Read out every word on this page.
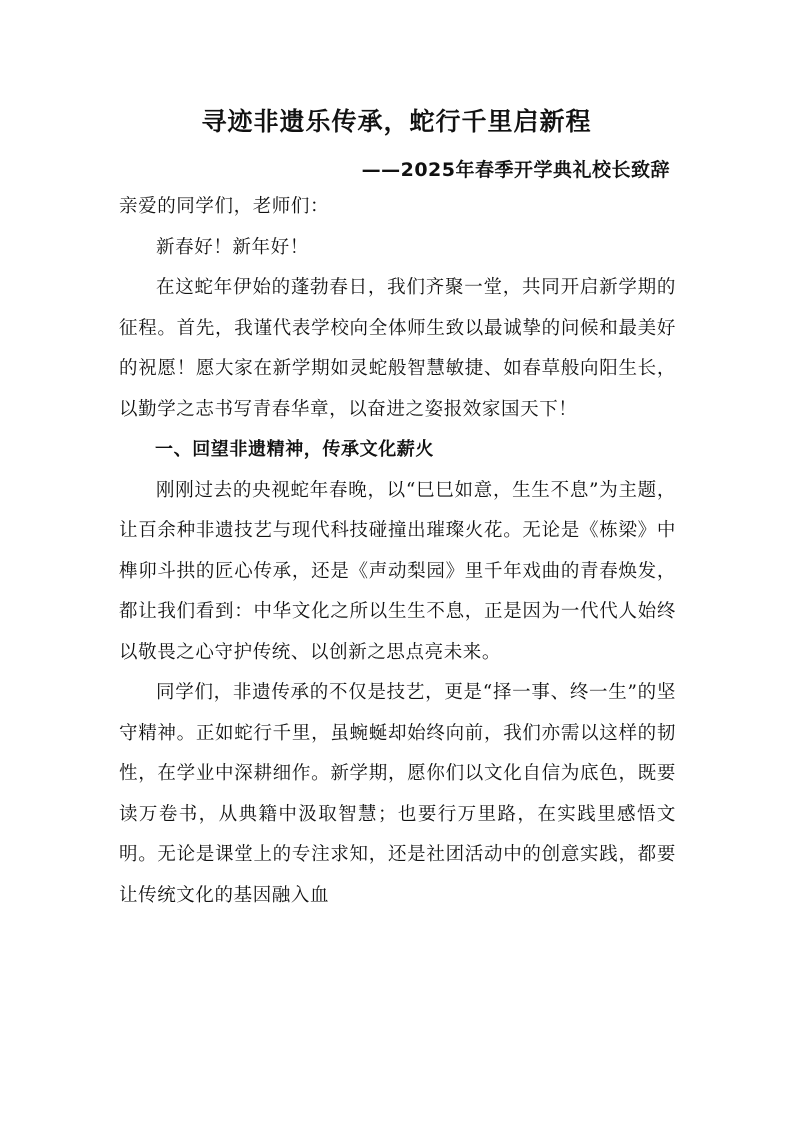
寻迹非遗乐传承，蛇行千里启新程
——2025年春季开学典礼校长致辞

亲爱的同学们，老师们：

新春好！新年好！

在这蛇年伊始的蓬勃春日，我们齐聚一堂，共同开启新学期的征程。首先，我谨代表学校向全体师生致以最诚挚的问候和最美好的祝愿！愿大家在新学期如灵蛇般智慧敏捷、如春草般向阳生长，以勤学之志书写青春华章，以奋进之姿报效家国天下！

一、回望非遗精神，传承文化薪火

刚刚过去的央视蛇年春晚，以“巳巳如意，生生不息”为主题，让百余种非遗技艺与现代科技碰撞出璀璨火花。无论是《栋梁》中榫卯斗拱的匠心传承，还是《声动梨园》里千年戏曲的青春焕发，都让我们看到：中华文化之所以生生不息，正是因为一代代人始终以敬畏之心守护传统、以创新之思点亮未来。

同学们，非遗传承的不仅是技艺，更是“择一事、终一生”的坚守精神。正如蛇行千里，虽蜿蜒却始终向前，我们亦需以这样的韧性，在学业中深耕细作。新学期，愿你们以文化自信为底色，既要读万卷书，从典籍中汲取智慧；也要行万里路，在实践里感悟文明。无论是课堂上的专注求知，还是社团活动中的创意实践，都要让传统文化的基因融入血
